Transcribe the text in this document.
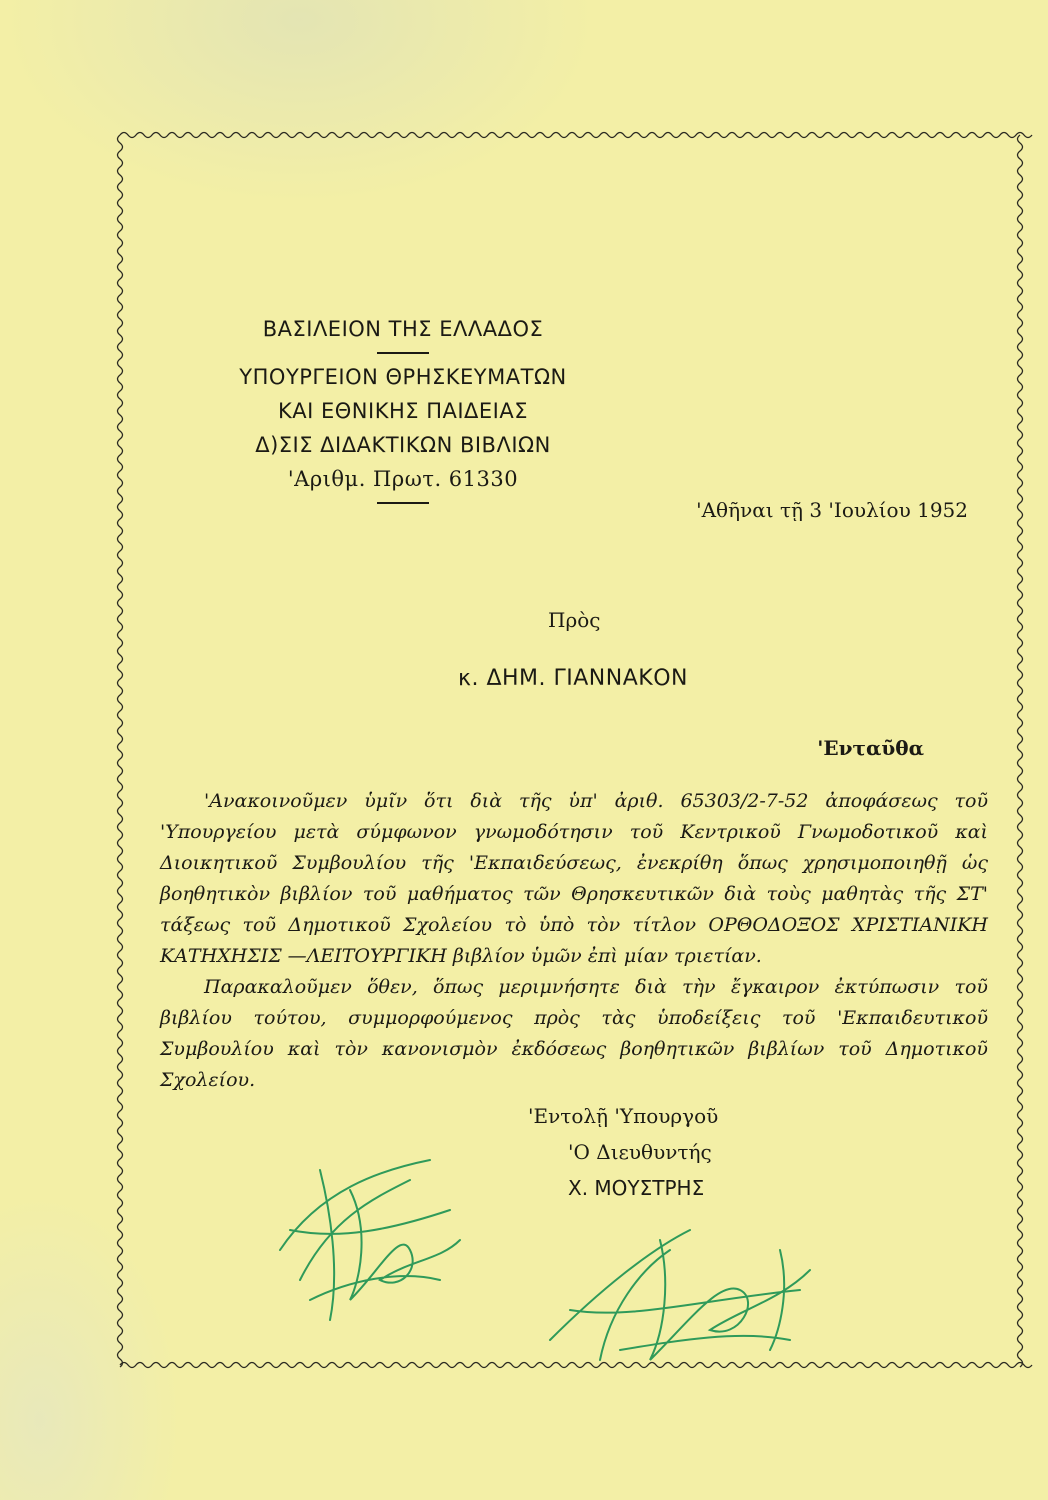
ΒΑΣΙΛΕΙΟΝ ΤΗΣ ΕΛΛΑΔΟΣ
ΥΠΟΥΡΓΕΙΟΝ ΘΡΗΣΚΕΥΜΑΤΩΝ
ΚΑΙ ΕΘΝΙΚΗΣ ΠΑΙΔΕΙΑΣ
Δ)ΣΙΣ ΔΙΔΑΚΤΙΚΩΝ ΒΙΒΛΙΩΝ
'Αριθμ. Πρωτ. 61330
'Αθῆναι τῇ 3 'Ιουλίου 1952
Πρὸς
κ. ΔΗΜ. ΓΙΑΝΝΑΚΟΝ
'Ενταῦθα

'Ανακοινοῦμεν ὑμῖν ὅτι διὰ τῆς ὑπ' ἀριθ. 65303/2-7-52 ἀποφάσεως τοῦ 'Υπουργείου μετὰ σύμφωνον γνωμοδότησιν τοῦ Κεντρικοῦ Γνωμοδοτικοῦ καὶ Διοικητικοῦ Συμβουλίου τῆς 'Εκπαιδεύσεως, ἐνεκρίθη ὅπως χρησιμοποιηθῇ ὡς βοηθητικὸν βιβλίον τοῦ μαθήματος τῶν Θρησκευτικῶν διὰ τοὺς μαθητὰς τῆς ΣΤ' τάξεως τοῦ Δημοτικοῦ Σχολείου τὸ ὑπὸ τὸν τίτλον ΟΡΘΟΔΟΞΟΣ ΧΡΙΣΤΙΑΝΙΚΗ ΚΑΤΗΧΗΣΙΣ —ΛΕΙΤΟΥΡΓΙΚΗ βιβλίον ὑμῶν ἐπὶ μίαν τριετίαν.

Παρακαλοῦμεν ὅθεν, ὅπως μεριμνήσητε διὰ τὴν ἔγκαιρον ἐκτύπωσιν τοῦ βιβλίου τούτου, συμμορφούμενος πρὸς τὰς ὑποδείξεις τοῦ 'Εκπαιδευτικοῦ Συμβουλίου καὶ τὸν κανονισμὸν ἐκδόσεως βοηθητικῶν βιβλίων τοῦ Δημοτικοῦ Σχολείου.

'Εντολῇ 'Υπουργοῦ
'Ο Διευθυντής
Χ. ΜΟΥΣΤΡΗΣ
